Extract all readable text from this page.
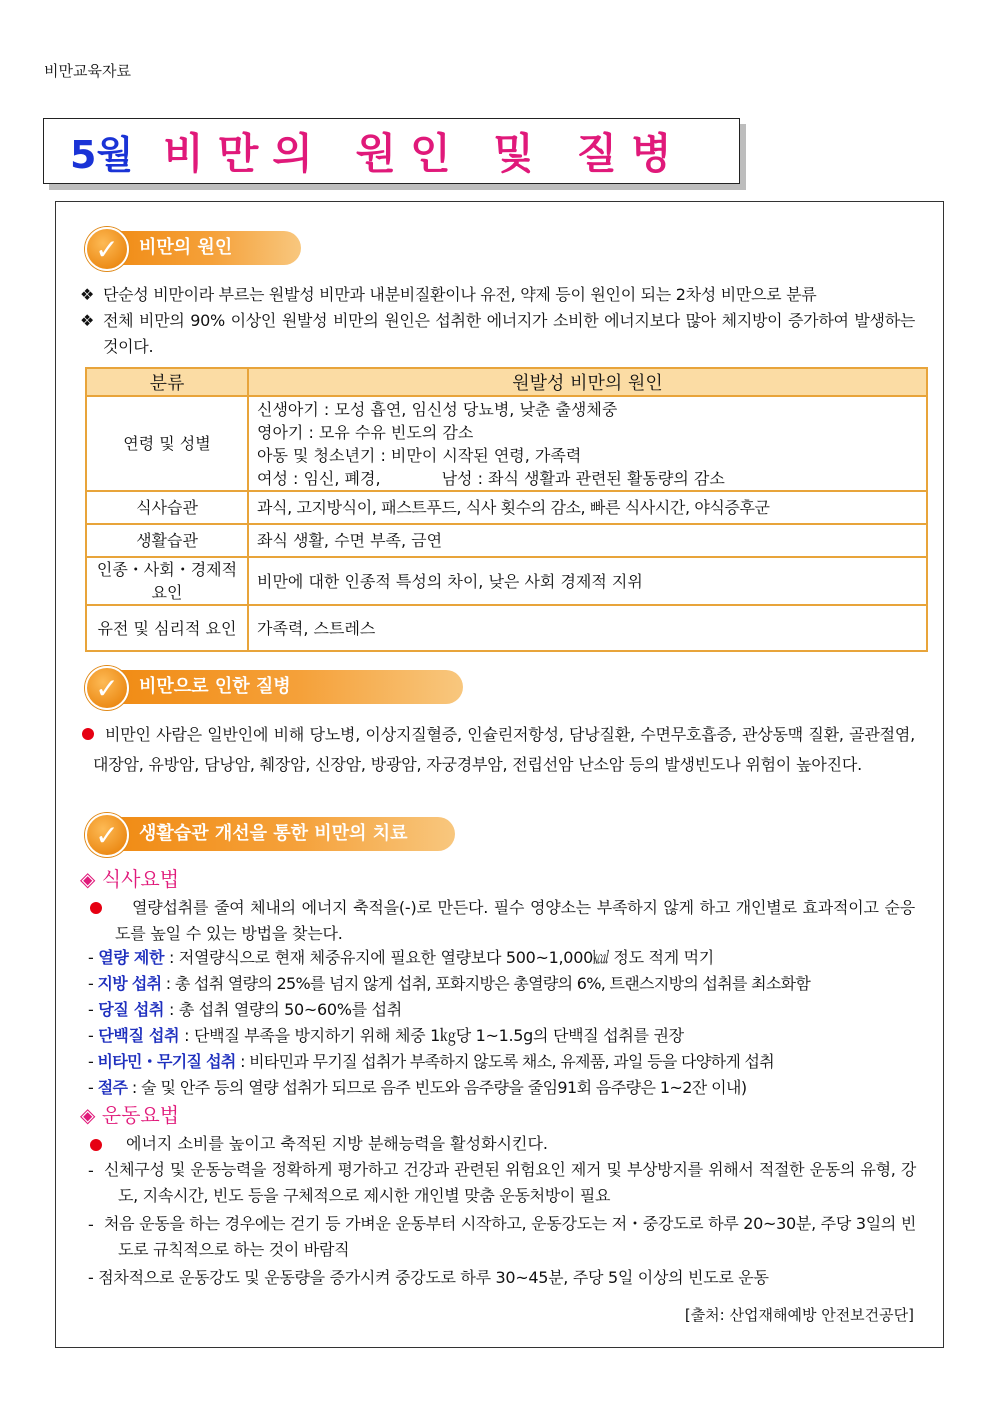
비만교육자료
5월 비만의 원인 및 질병
비만의 원인
✓
❖ 단순성 비만이라 부르는 원발성 비만과 내분비질환이나 유전, 약제 등이 원인이 되는 2차성 비만으로 분류
❖ 전체 비만의 90% 이상인 원발성 비만의 원인은 섭취한 에너지가 소비한 에너지보다 많아 체지방이 증가하여 발생하는 것이다.
분류	원발성 비만의 원인
연령 및 성별	신생아기 : 모성 흡연, 임신성 당뇨병, 낮춘 출생체중
영아기 : 모유 수유 빈도의 감소
아동 및 청소년기 : 비만이 시작된 연령, 가족력
여성 : 임신, 폐경,            남성 : 좌식 생활과 관련된 활동량의 감소

식사습관	과식, 고지방식이, 패스트푸드, 식사 횟수의 감소, 빠른 식사시간, 야식증후군

생활습관	좌식 생활, 수면 부족, 금연

인종・사회・경제적 요인	비만에 대한 인종적 특성의 차이, 낮은 사회 경제적 지위

유전 및 심리적 요인	가족력, 스트레스
비만으로 인한 질병
✓
비만인 사람은 일반인에 비해 당노병, 이상지질혈증, 인슐린저항성, 담낭질환, 수면무호흡증, 관상동맥 질환, 골관절염, 대장암, 유방암, 담낭암, 췌장암, 신장암, 방광암, 자궁경부암, 전립선암 난소암 등의 발생빈도나 위험이 높아진다.
생활습관 개선을 통한 비만의 치료
✓
◈ 식사요법
열량섭취를 줄여 체내의 에너지 축적을(-)로 만든다. 필수 영양소는 부족하지 않게 하고 개인별로 효과적이고 순응도를 높일 수 있는 방법을 찾는다.
- 열량 제한 : 저열량식으로 현재 체중유지에 필요한 열량보다 500~1,000㎉ 정도 적게 먹기
- 지방 섭취 : 총 섭취 열량의 25%를 넘지 않게 섭취, 포화지방은 총열량의 6%, 트랜스지방의 섭취를 최소화함
- 당질 섭취 : 총 섭취 열량의 50~60%를 섭취
- 단백질 섭취 : 단백질 부족을 방지하기 위해 체중 1㎏당 1~1.5g의 단백질 섭취를 권장
- 비타민・무기질 섭취 : 비타민과 무기질 섭취가 부족하지 않도록 채소, 유제품, 과일 등을 다양하게 섭취
- 절주 : 술 및 안주 등의 열량 섭취가 되므로 음주 빈도와 음주량을 줄임91회 음주량은 1~2잔 이내)
◈ 운동요법
에너지 소비를 높이고 축적된 지방 분해능력을 활성화시킨다.
- 신체구성 및 운동능력을 정확하게 평가하고 건강과 관련된 위험요인 제거 및 부상방지를 위해서 적절한 운동의 유형, 강도, 지속시간, 빈도 등을 구체적으로 제시한 개인별 맞춤 운동처방이 필요
- 처음 운동을 하는 경우에는 걷기 등 가벼운 운동부터 시작하고, 운동강도는 저・중강도로 하루 20~30분, 주당 3일의 빈도로 규칙적으로 하는 것이 바람직
- 점차적으로 운동강도 및 운동량을 증가시켜 중강도로 하루 30~45분, 주당 5일 이상의 빈도로 운동
[출처: 산업재해예방 안전보건공단]
